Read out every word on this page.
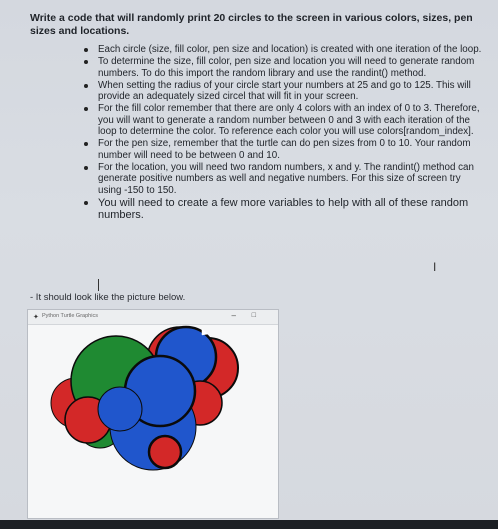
Write a code that will randomly print 20 circles to the screen in various colors, sizes, pen sizes and locations.
Each circle (size, fill color, pen size and location) is created with one iteration of the loop.
To determine the size, fill color, pen size and location you will need to generate random numbers. To do this import the random library and use the randint() method.
When setting the radius of your circle start your numbers at 25 and go to 125. This will provide an adequately sized circel that will fit in your screen.
For the fill color remember that there are only 4 colors with an index of 0 to 3. Therefore, you will want to generate a random number between 0 and 3 with each iteration of the loop to determine the color. To reference each color you will use colors[random_index].
For the pen size, remember that the turtle can do pen sizes from 0 to 10. Your random number will need to be between 0 and 10.
For the location, you will need two random numbers, x and y. The randint() method can generate positive numbers as well and negative numbers. For this size of screen try using -150 to 150.
You will need to create a few more variables to help with all of these random numbers.
I
- It should look like the picture below.
✦ Python Turtle Graphics	– □
